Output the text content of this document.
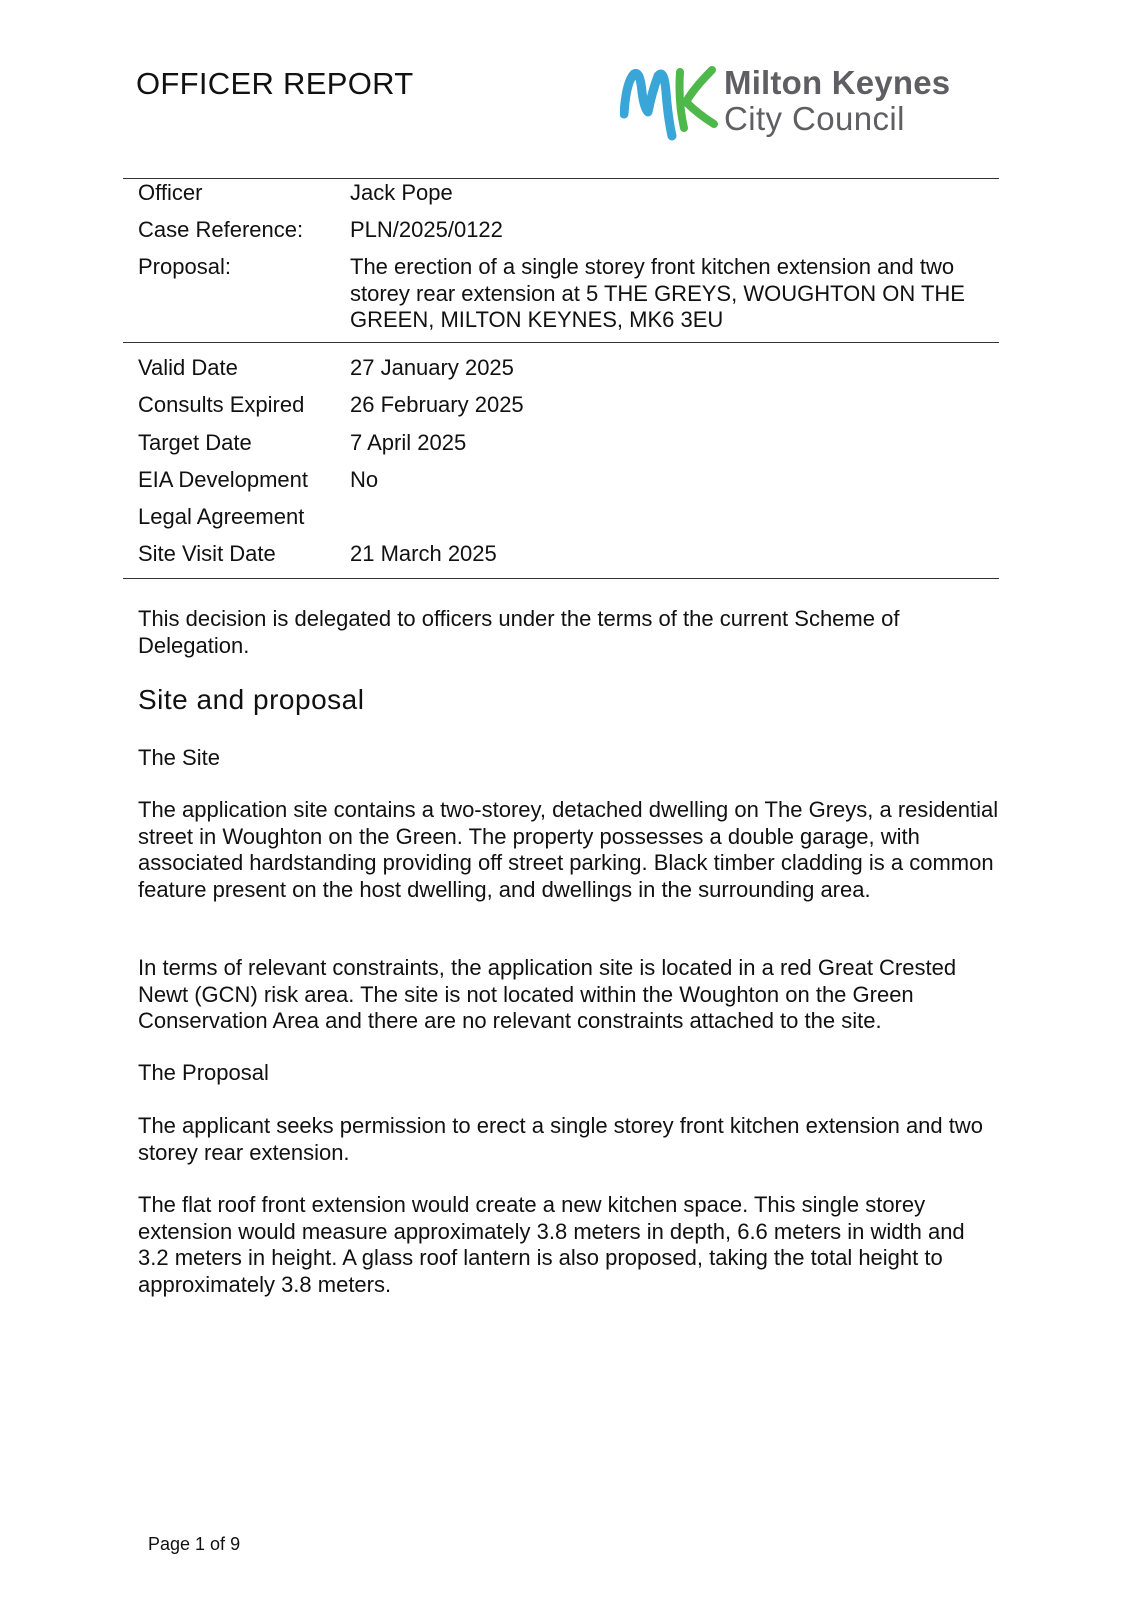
OFFICER REPORT	Milton Keynes
City Council
Officer	Jack Pope
Case Reference:	PLN/2025/0122
Proposal:	The erection of a single storey front kitchen extension and two storey rear extension at 5 THE GREYS, WOUGHTON ON THE GREEN, MILTON KEYNES, MK6 3EU
Valid Date	27 January 2025
Consults Expired	26 February 2025
Target Date	7 April 2025
EIA Development	No
Legal Agreement
Site Visit Date	21 March 2025
This decision is delegated to officers under the terms of the current Scheme of Delegation.
Site and proposal
The Site
The application site contains a two-storey, detached dwelling on The Greys, a residential street in Woughton on the Green. The property possesses a double garage, with associated hardstanding providing off street parking. Black timber cladding is a common feature present on the host dwelling, and dwellings in the surrounding area.
In terms of relevant constraints, the application site is located in a red Great Crested Newt (GCN) risk area. The site is not located within the Woughton on the Green Conservation Area and there are no relevant constraints attached to the site.
The Proposal
The applicant seeks permission to erect a single storey front kitchen extension and two storey rear extension.
The flat roof front extension would create a new kitchen space. This single storey extension would measure approximately 3.8 meters in depth, 6.6 meters in width and 3.2 meters in height. A glass roof lantern is also proposed, taking the total height to approximately 3.8 meters.
Page 1 of 9
